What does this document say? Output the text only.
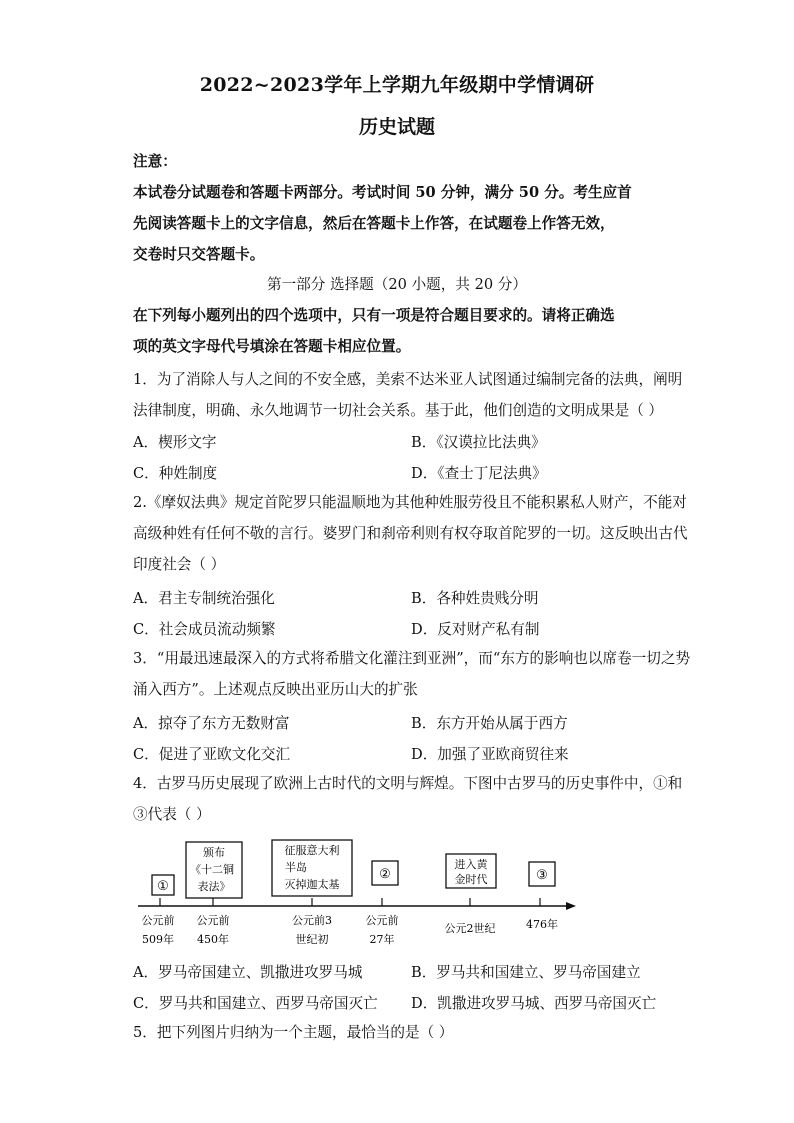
2022~2023学年上学期九年级期中学情调研
历史试题
注意：
本试卷分试题卷和答题卡两部分。考试时间 50 分钟，满分 50 分。考生应首
先阅读答题卡上的文字信息，然后在答题卡上作答，在试题卷上作答无效，
交卷时只交答题卡。
第一部分 选择题（20 小题，共 20 分）
在下列每小题列出的四个选项中，只有一项是符合题目要求的。请将正确选
项的英文字母代号填涂在答题卡相应位置。
1．为了消除人与人之间的不安全感，美索不达米亚人试图通过编制完备的法典，阐明
法律制度，明确、永久地调节一切社会关系。基于此，他们创造的文明成果是（ ）
A．楔形文字	B．《汉谟拉比法典》
C．种姓制度	D．《查士丁尼法典》
2.《摩奴法典》规定首陀罗只能温顺地为其他种姓服劳役且不能积累私人财产，不能对
高级种姓有任何不敬的言行。婆罗门和刹帝利则有权夺取首陀罗的一切。这反映出古代
印度社会（ ）
A．君主专制统治强化	B．各种姓贵贱分明
C．社会成员流动频繁	D．反对财产私有制
3．“用最迅速最深入的方式将希腊文化灌注到亚洲”，而“东方的影响也以席卷一切之势
涌入西方”。上述观点反映出亚历山大的扩张
A．掠夺了东方无数财富	B．东方开始从属于西方
C．促进了亚欧文化交汇	D．加强了亚欧商贸往来
4．古罗马历史展现了欧洲上古时代的文明与辉煌。下图中古罗马的历史事件中，①和
③代表（ ）
①
颁布
《十二铜
表法》
征服意大利
半岛
灭掉迦太基
②
进入黄
金时代	③
公元前
509年
公元前
450年
公元前3
世纪初
公元前
27年
公元2世纪	476年
A．罗马帝国建立、凯撒进攻罗马城	B．罗马共和国建立、罗马帝国建立
C．罗马共和国建立、西罗马帝国灭亡 D．凯撒进攻罗马城、西罗马帝国灭亡
5．把下列图片归纳为一个主题，最恰当的是（ ）
